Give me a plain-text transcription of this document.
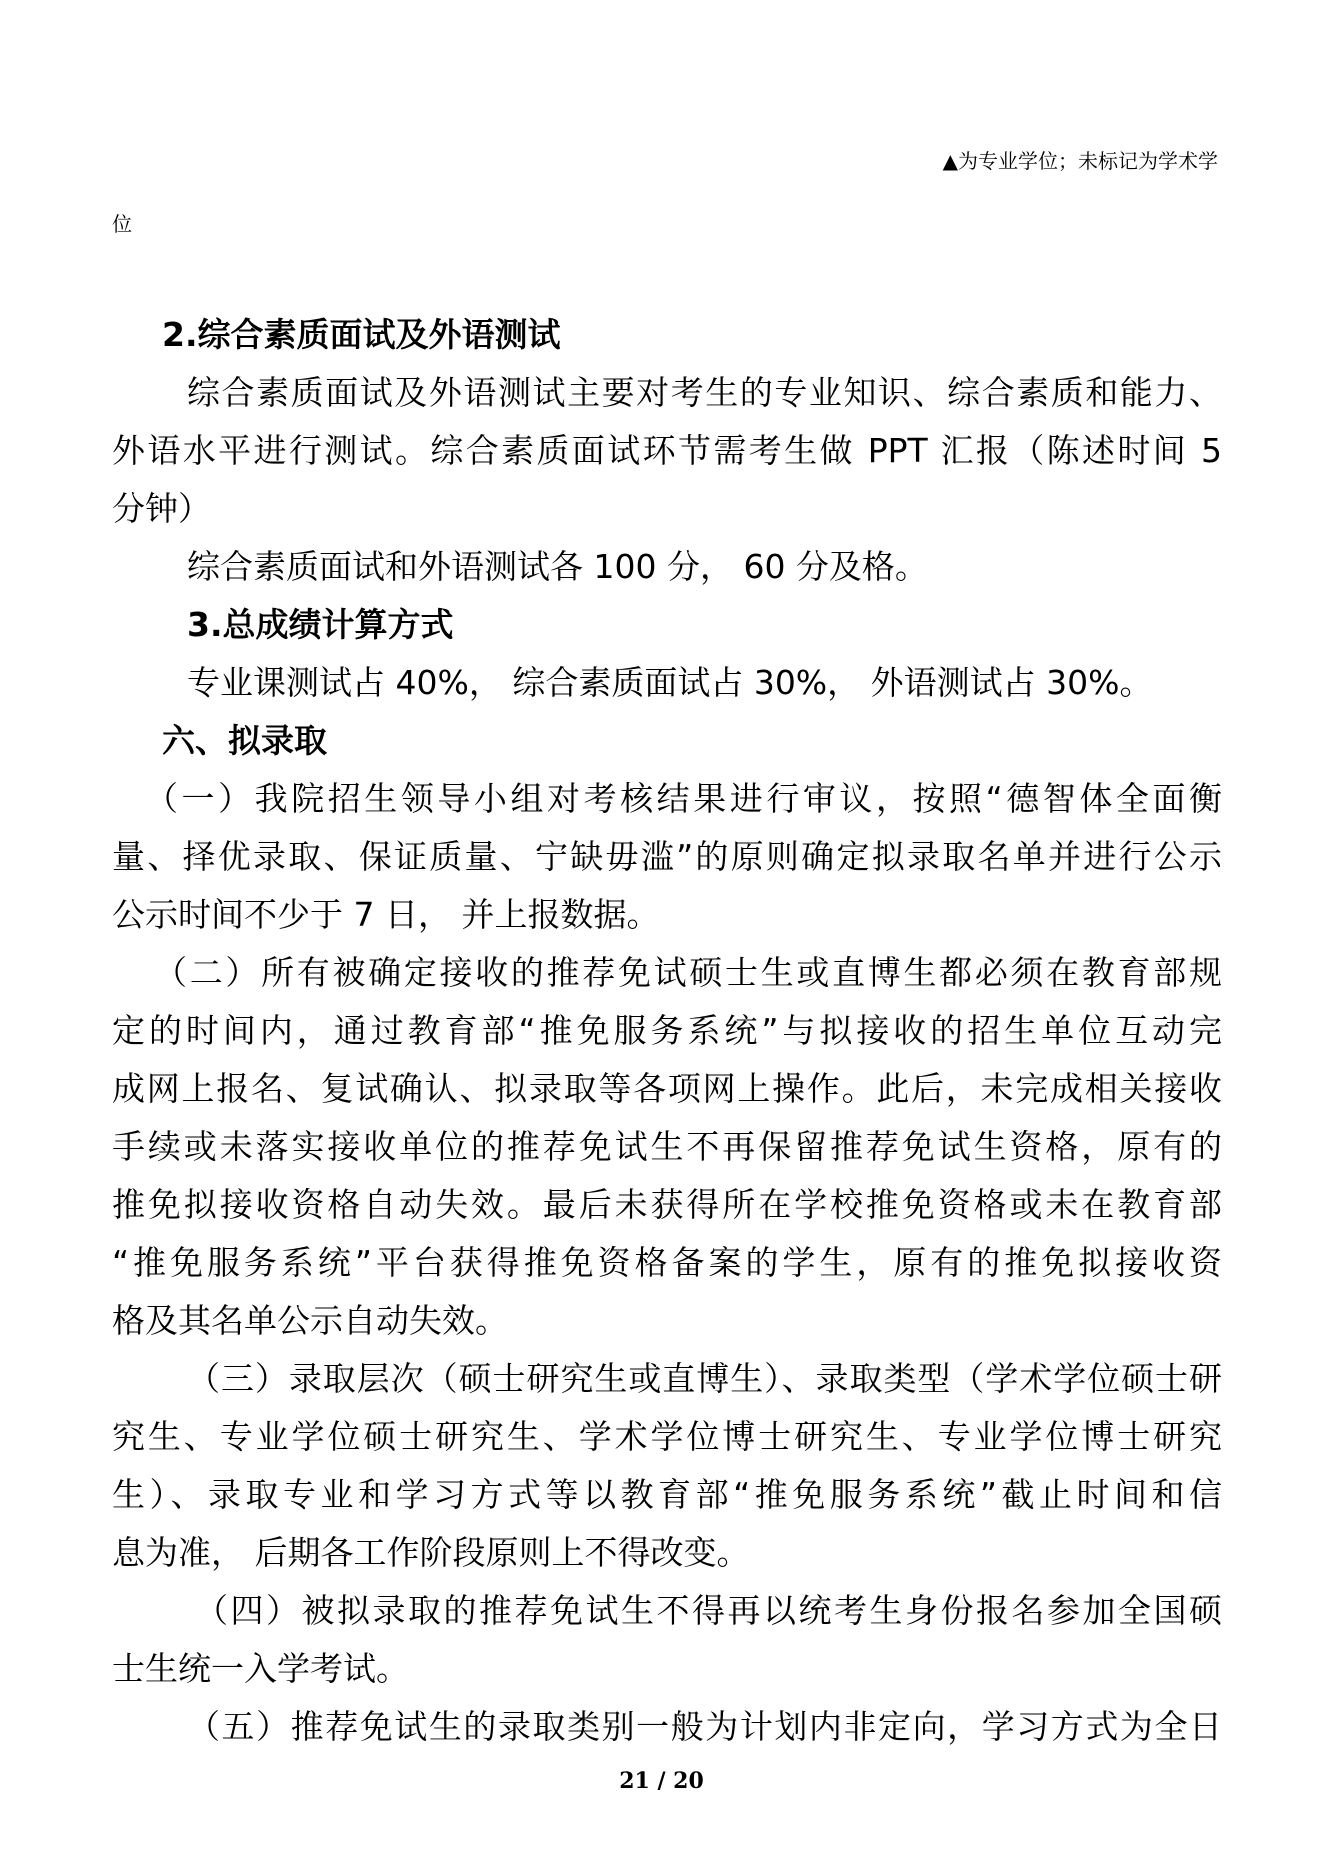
▲为专业学位；未标记为学术学
位
2.综合素质面试及外语测试
综合素质面试及外语测试主要对考生的专业知识、综合素质和能力、
外语水平进行测试。综合素质面试环节需考生做 PPT 汇报（陈述时间 5
分钟）
综合素质面试和外语测试各 100 分， 60 分及格。
3.总成绩计算方式
专业课测试占 40%， 综合素质面试占 30%， 外语测试占 30%。
六、拟录取
（一）我院招生领导小组对考核结果进行审议，按照“德智体全面衡
量、择优录取、保证质量、宁缺毋滥”的原则确定拟录取名单并进行公示
公示时间不少于 7 日， 并上报数据。
（二）所有被确定接收的推荐免试硕士生或直博生都必须在教育部规
定的时间内，通过教育部“推免服务系统”与拟接收的招生单位互动完
成网上报名、复试确认、拟录取等各项网上操作。此后，未完成相关接收
手续或未落实接收单位的推荐免试生不再保留推荐免试生资格，原有的
推免拟接收资格自动失效。最后未获得所在学校推免资格或未在教育部
“推免服务系统”平台获得推免资格备案的学生，原有的推免拟接收资
格及其名单公示自动失效。
（三）录取层次（硕士研究生或直博生）、录取类型（学术学位硕士研
究生、专业学位硕士研究生、学术学位博士研究生、专业学位博士研究
生）、录取专业和学习方式等以教育部“推免服务系统”截止时间和信
息为准， 后期各工作阶段原则上不得改变。
（四）被拟录取的推荐免试生不得再以统考生身份报名参加全国硕
士生统一入学考试。
（五）推荐免试生的录取类别一般为计划内非定向，学习方式为全日
21 / 20
